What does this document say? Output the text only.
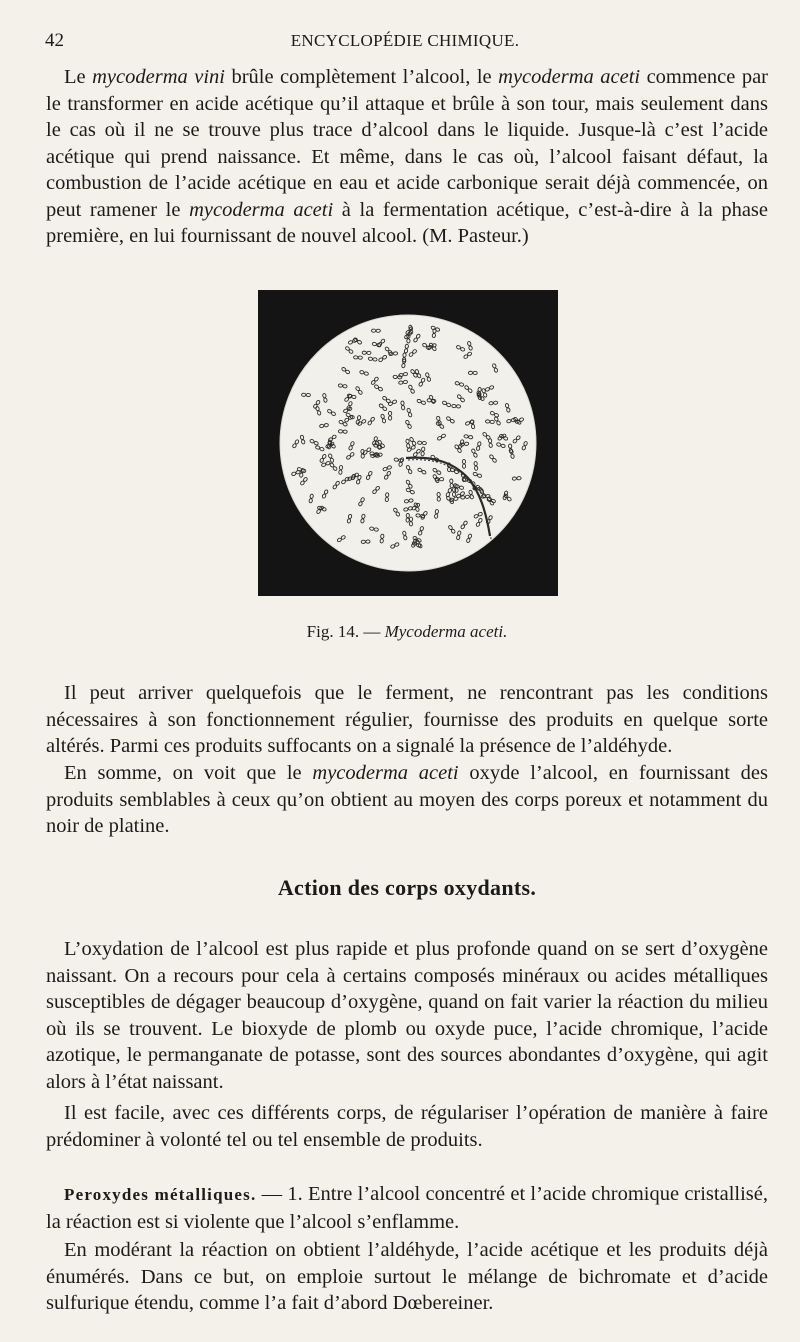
42	ENCYCLOPÉDIE CHIMIQUE.

Le mycoderma vini brûle complètement l’alcool, le mycoderma aceti commence par le transformer en acide acétique qu’il attaque et brûle à son tour, mais seulement dans le cas où il ne se trouve plus trace d’alcool dans le liquide. Jusque-là c’est l’acide acétique qui prend naissance. Et même, dans le cas où, l’alcool faisant défaut, la combustion de l’acide acétique en eau et acide carbonique serait déjà commencée, on peut ramener le mycoderma aceti à la fermentation acétique, c’est-à-dire à la phase première, en lui fournissant de nouvel alcool. (M. Pasteur.)

Fig. 14. — Mycoderma aceti.

Il peut arriver quelquefois que le ferment, ne rencontrant pas les conditions nécessaires à son fonctionnement régulier, fournisse des produits en quelque sorte altérés. Parmi ces produits suffocants on a signalé la présence de l’aldéhyde.

En somme, on voit que le mycoderma aceti oxyde l’alcool, en fournissant des produits semblables à ceux qu’on obtient au moyen des corps poreux et notamment du noir de platine.

Action des corps oxydants.

L’oxydation de l’alcool est plus rapide et plus profonde quand on se sert d’oxygène naissant. On a recours pour cela à certains composés minéraux ou acides métalliques susceptibles de dégager beaucoup d’oxygène, quand on fait varier la réaction du milieu où ils se trouvent. Le bioxyde de plomb ou oxyde puce, l’acide chromique, l’acide azotique, le permanganate de potasse, sont des sources abondantes d’oxygène, qui agit alors à l’état naissant.

Il est facile, avec ces différents corps, de régulariser l’opération de manière à faire prédominer à volonté tel ou tel ensemble de produits.

Peroxydes métalliques. — 1. Entre l’alcool concentré et l’acide chromique cristallisé, la réaction est si violente que l’alcool s’enflamme.

En modérant la réaction on obtient l’aldéhyde, l’acide acétique et les produits déjà énumérés. Dans ce but, on emploie surtout le mélange de bichromate et d’acide sulfurique étendu, comme l’a fait d’abord Dœbereiner.
